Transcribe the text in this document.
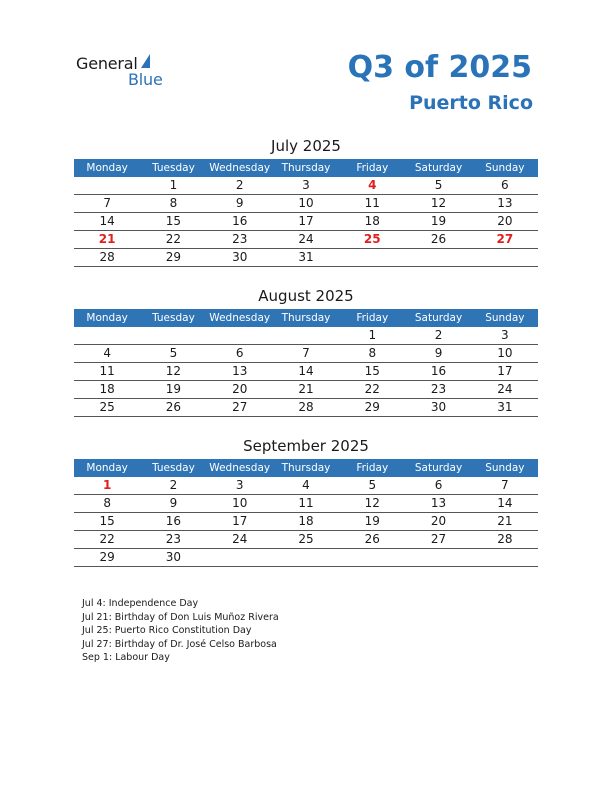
General
Blue	Q3 of 2025
Puerto Rico
July 2025
Monday	Tuesday	Wednesday	Thursday	Friday	Saturday	Sunday
	1	2	3	4	5	6
7	8	9	10	11	12	13
14	15	16	17	18	19	20
21	22	23	24	25	26	27
28	29	30	31			
August 2025
Monday	Tuesday	Wednesday	Thursday	Friday	Saturday	Sunday
				1	2	3
4	5	6	7	8	9	10
11	12	13	14	15	16	17
18	19	20	21	22	23	24
25	26	27	28	29	30	31
September 2025
Monday	Tuesday	Wednesday	Thursday	Friday	Saturday	Sunday
1	2	3	4	5	6	7
8	9	10	11	12	13	14
15	16	17	18	19	20	21
22	23	24	25	26	27	28
29	30					
Jul 4: Independence Day
Jul 21: Birthday of Don Luis Muñoz Rivera
Jul 25: Puerto Rico Constitution Day
Jul 27: Birthday of Dr. José Celso Barbosa
Sep 1: Labour Day
